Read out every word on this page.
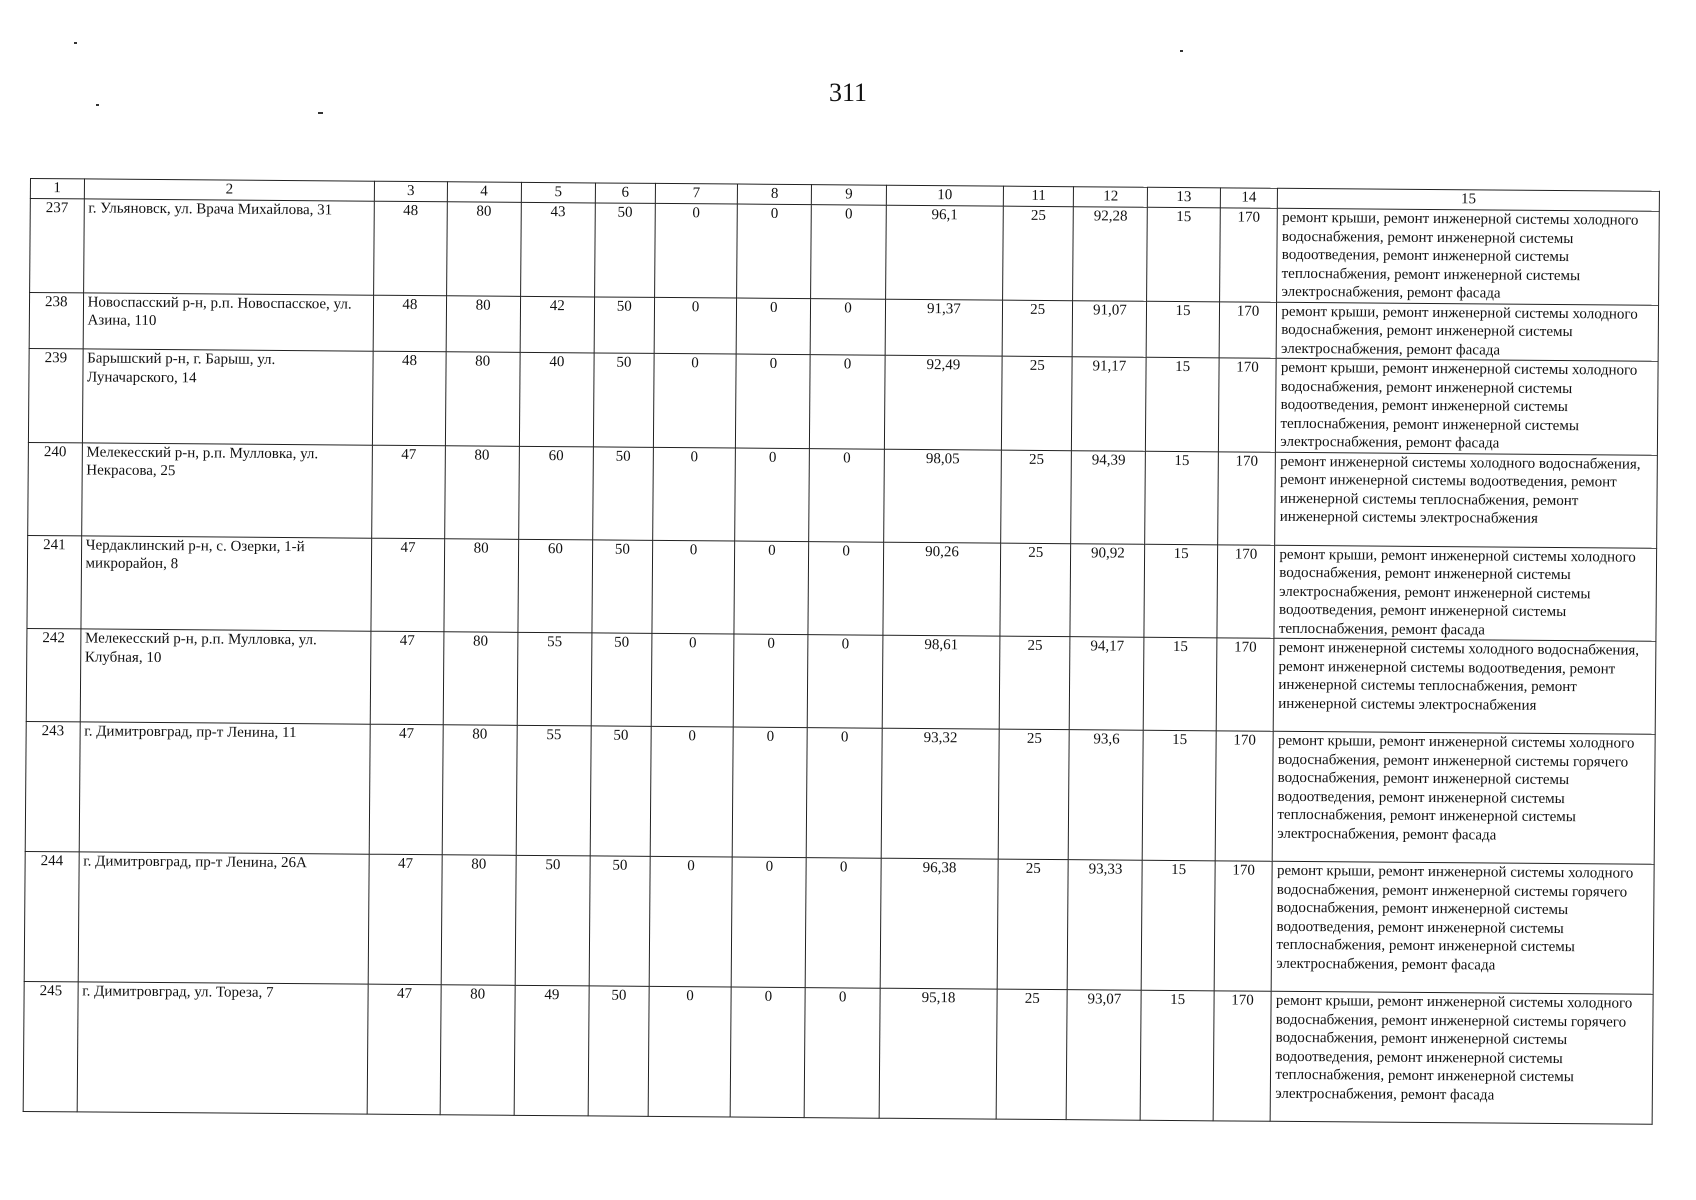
311
1	2	3	4	5	6	7	8	9	10	11	12	13	14	15
237	г. Ульяновск, ул. Врача Михайлова, 31	48	80	43	50	0	0	0	96,1	25	92,28	15	170	ремонт крыши, ремонт инженерной системы холодного водоснабжения, ремонт инженерной системы водоотведения, ремонт инженерной системы теплоснабжения, ремонт инженерной системы электроснабжения, ремонт фасада
238	Новоспасский р-н, р.п. Новоспасское, ул. Азина, 110	48	80	42	50	0	0	0	91,37	25	91,07	15	170	ремонт крыши, ремонт инженерной системы холодного водоснабжения, ремонт инженерной системы электроснабжения, ремонт фасада
239	Барышский р-н, г. Барыш, ул. Луначарского, 14	48	80	40	50	0	0	0	92,49	25	91,17	15	170	ремонт крыши, ремонт инженерной системы холодного водоснабжения, ремонт инженерной системы водоотведения, ремонт инженерной системы теплоснабжения, ремонт инженерной системы электроснабжения, ремонт фасада
240	Мелекесский р-н, р.п. Мулловка, ул. Некрасова, 25	47	80	60	50	0	0	0	98,05	25	94,39	15	170	ремонт инженерной системы холодного водоснабжения, ремонт инженерной системы водоотведения, ремонт инженерной системы теплоснабжения, ремонт инженерной системы электроснабжения
241	Чердаклинский р-н, с. Озерки, 1-й микрорайон, 8	47	80	60	50	0	0	0	90,26	25	90,92	15	170	ремонт крыши, ремонт инженерной системы холодного водоснабжения, ремонт инженерной системы электроснабжения, ремонт инженерной системы водоотведения, ремонт инженерной системы теплоснабжения, ремонт фасада
242	Мелекесский р-н, р.п. Мулловка, ул. Клубная, 10	47	80	55	50	0	0	0	98,61	25	94,17	15	170	ремонт инженерной системы холодного водоснабжения, ремонт инженерной системы водоотведения, ремонт инженерной системы теплоснабжения, ремонт инженерной системы электроснабжения
243	г. Димитровград, пр-т Ленина, 11	47	80	55	50	0	0	0	93,32	25	93,6	15	170	ремонт крыши, ремонт инженерной системы холодного водоснабжения, ремонт инженерной системы горячего водоснабжения, ремонт инженерной системы водоотведения, ремонт инженерной системы теплоснабжения, ремонт инженерной системы электроснабжения, ремонт фасада
244	г. Димитровград, пр-т Ленина, 26А	47	80	50	50	0	0	0	96,38	25	93,33	15	170	ремонт крыши, ремонт инженерной системы холодного водоснабжения, ремонт инженерной системы горячего водоснабжения, ремонт инженерной системы водоотведения, ремонт инженерной системы теплоснабжения, ремонт инженерной системы электроснабжения, ремонт фасада
245	г. Димитровград, ул. Тореза, 7	47	80	49	50	0	0	0	95,18	25	93,07	15	170	ремонт крыши, ремонт инженерной системы холодного водоснабжения, ремонт инженерной системы горячего водоснабжения, ремонт инженерной системы водоотведения, ремонт инженерной системы теплоснабжения, ремонт инженерной системы электроснабжения, ремонт фасада
